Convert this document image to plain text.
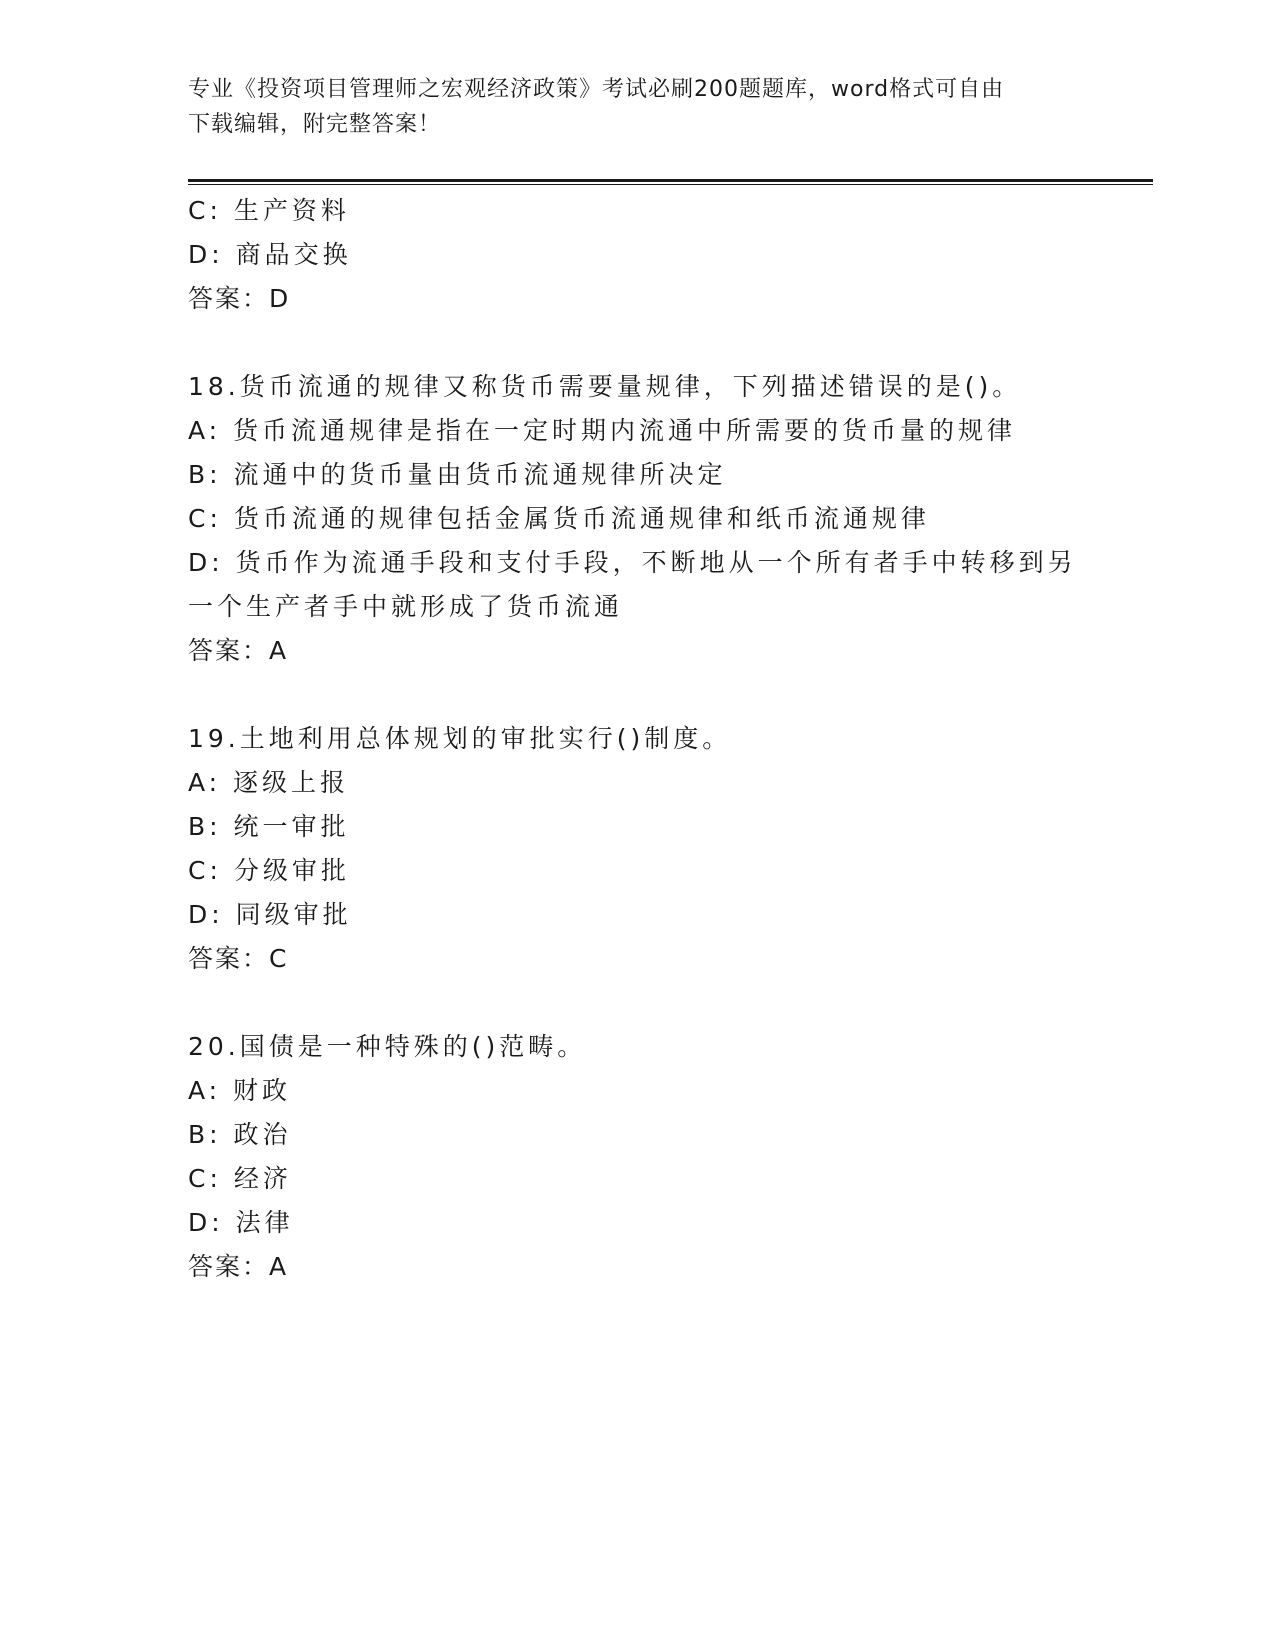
专业《投资项目管理师之宏观经济政策》考试必刷200题题库，word格式可自由
下载编辑，附完整答案！
C: 生产资料
D: 商品交换
答案：D
18.货币流通的规律又称货币需要量规律，下列描述错误的是()。
A: 货币流通规律是指在一定时期内流通中所需要的货币量的规律
B: 流通中的货币量由货币流通规律所决定
C: 货币流通的规律包括金属货币流通规律和纸币流通规律
D: 货币作为流通手段和支付手段，不断地从一个所有者手中转移到另
一个生产者手中就形成了货币流通
答案：A
19.土地利用总体规划的审批实行()制度。
A: 逐级上报
B: 统一审批
C: 分级审批
D: 同级审批
答案：C
20.国债是一种特殊的()范畴。
A: 财政
B: 政治
C: 经济
D: 法律
答案：A
